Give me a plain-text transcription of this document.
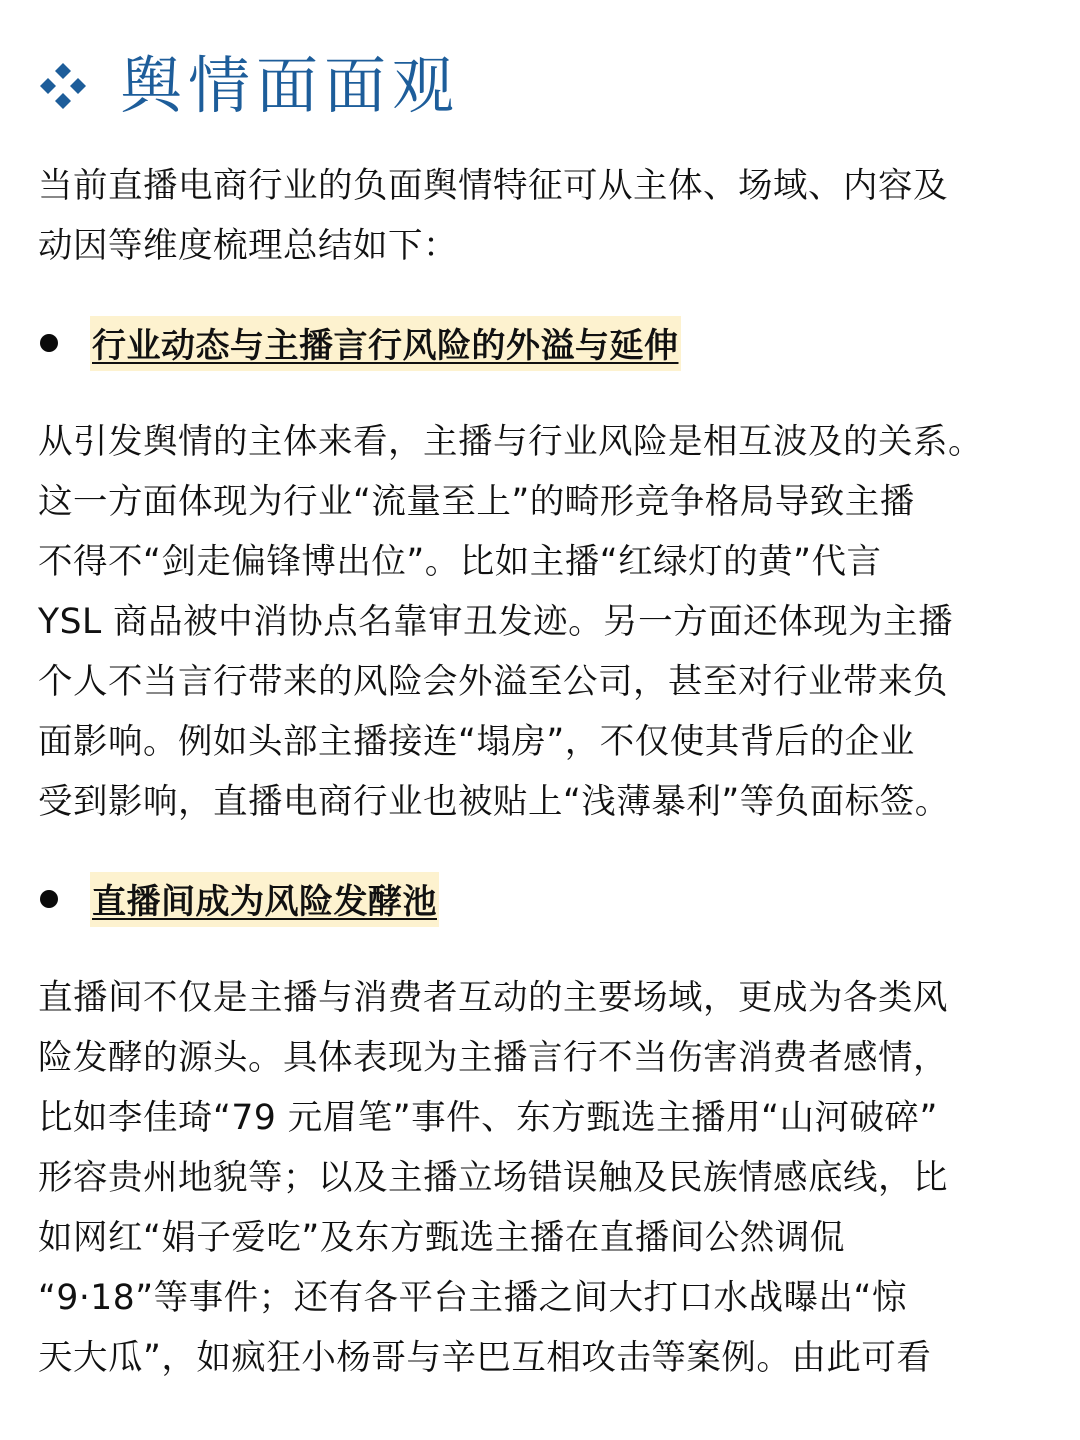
舆情面面观

当前直播电商行业的负面舆情特征可从主体、场域、内容及
动因等维度梳理总结如下：

行业动态与主播言行风险的外溢与延伸

从引发舆情的主体来看，主播与行业风险是相互波及的关系。
这一方面体现为行业“流量至上”的畸形竞争格局导致主播
不得不“剑走偏锋博出位”。比如主播“红绿灯的黄”代言
YSL 商品被中消协点名靠审丑发迹。另一方面还体现为主播
个人不当言行带来的风险会外溢至公司，甚至对行业带来负
面影响。例如头部主播接连“塌房”，不仅使其背后的企业
受到影响，直播电商行业也被贴上“浅薄暴利”等负面标签。

直播间成为风险发酵池

直播间不仅是主播与消费者互动的主要场域，更成为各类风
险发酵的源头。具体表现为主播言行不当伤害消费者感情，
比如李佳琦“79 元眉笔”事件、东方甄选主播用“山河破碎”
形容贵州地貌等；以及主播立场错误触及民族情感底线，比
如网红“娟子爱吃”及东方甄选主播在直播间公然调侃
“9·18”等事件；还有各平台主播之间大打口水战曝出“惊
天大瓜”，如疯狂小杨哥与辛巴互相攻击等案例。由此可看
